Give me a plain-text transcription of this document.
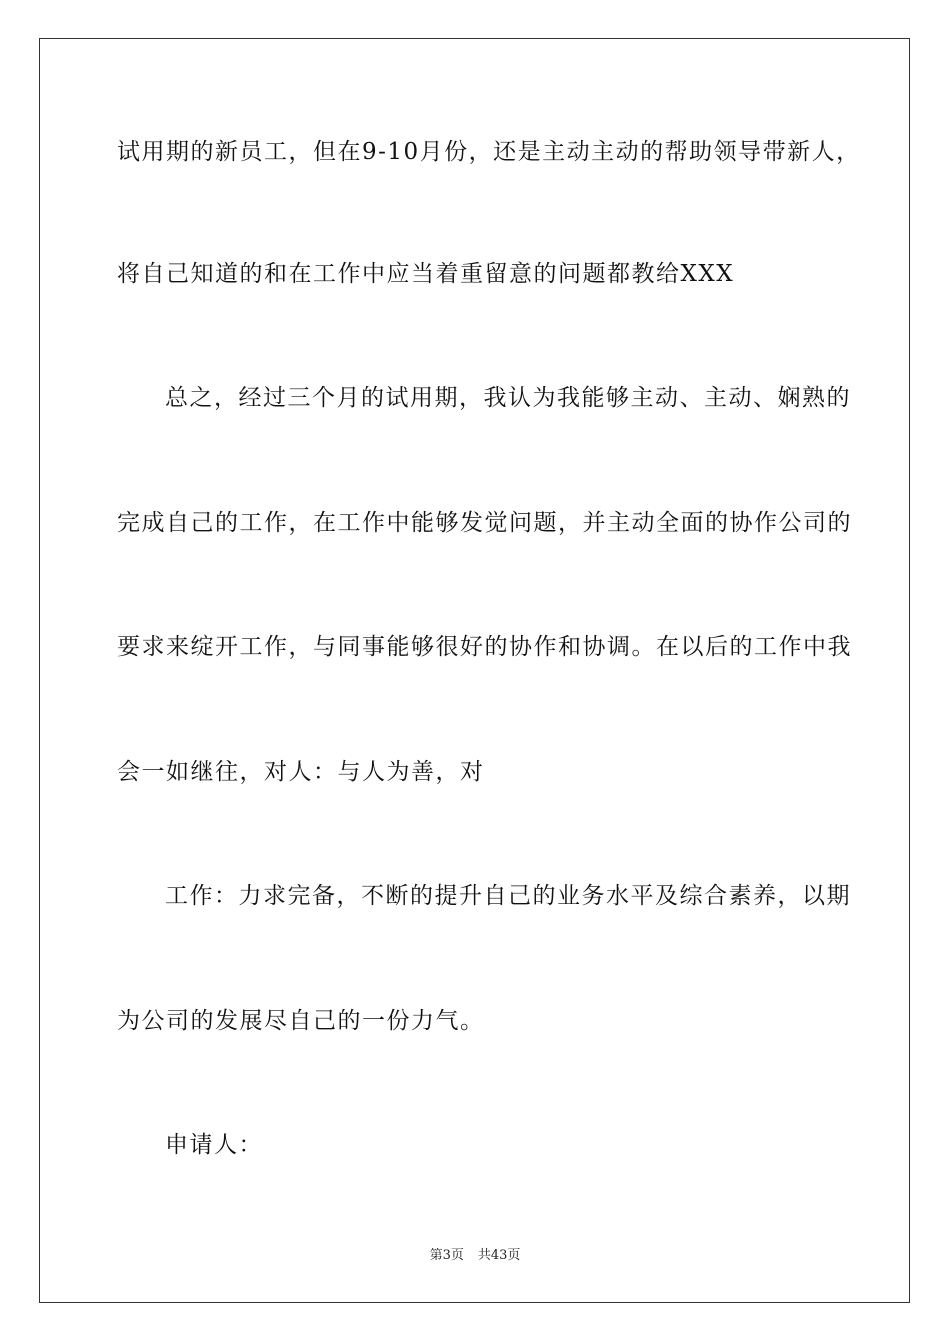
试用期的新员工，但在9-10月份，还是主动主动的帮助领导带新人，
将自己知道的和在工作中应当着重留意的问题都教给XXX
总之，经过三个月的试用期，我认为我能够主动、主动、娴熟的
完成自己的工作，在工作中能够发觉问题，并主动全面的协作公司的
要求来绽开工作，与同事能够很好的协作和协调。在以后的工作中我
会一如继往，对人：与人为善，对
工作：力求完备，不断的提升自己的业务水平及综合素养，以期
为公司的发展尽自己的一份力气。
申请人：
第3页 共43页
